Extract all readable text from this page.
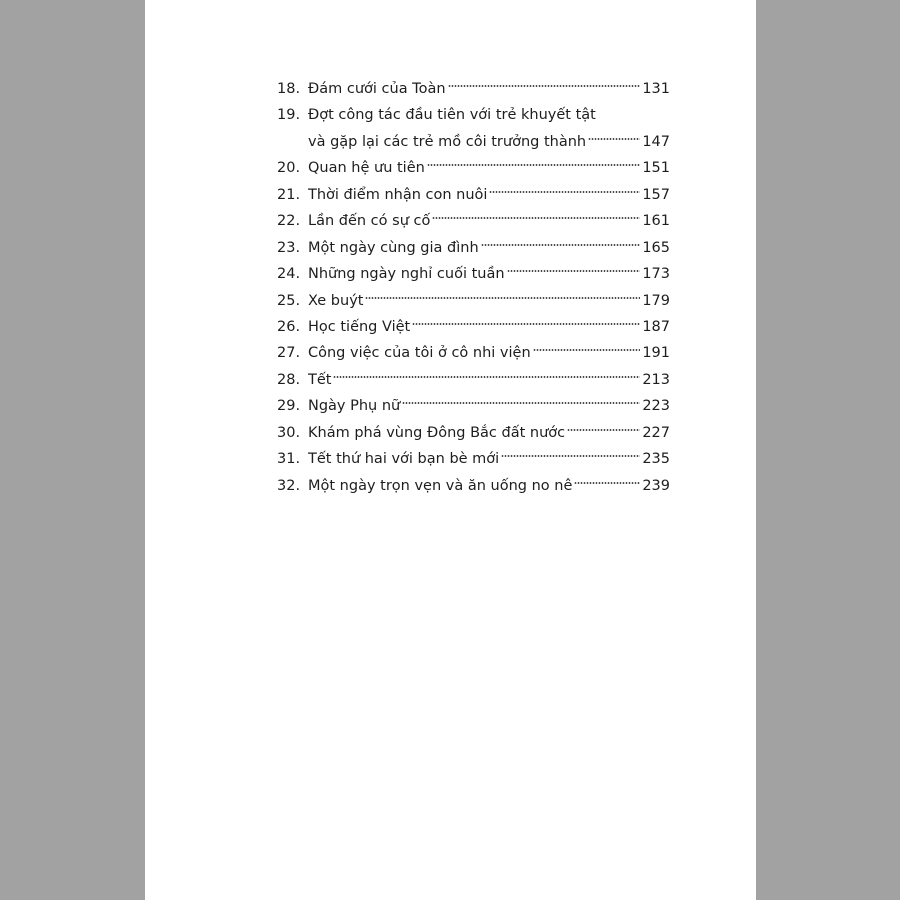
18. Đám cưới của Toàn	131
19. Đợt công tác đầu tiên với trẻ khuyết tật
và gặp lại các trẻ mồ côi trưởng thành	147
20. Quan hệ ưu tiên	151
21. Thời điểm nhận con nuôi	157
22. Lần đến có sự cố	161
23. Một ngày cùng gia đình	165
24. Những ngày nghỉ cuối tuần	173
25. Xe buýt	179
26. Học tiếng Việt	187
27. Công việc của tôi ở cô nhi viện	191
28. Tết	213
29. Ngày Phụ nữ	223
30. Khám phá vùng Đông Bắc đất nước	227
31. Tết thứ hai với bạn bè mới	235
32. Một ngày trọn vẹn và ăn uống no nê	239
